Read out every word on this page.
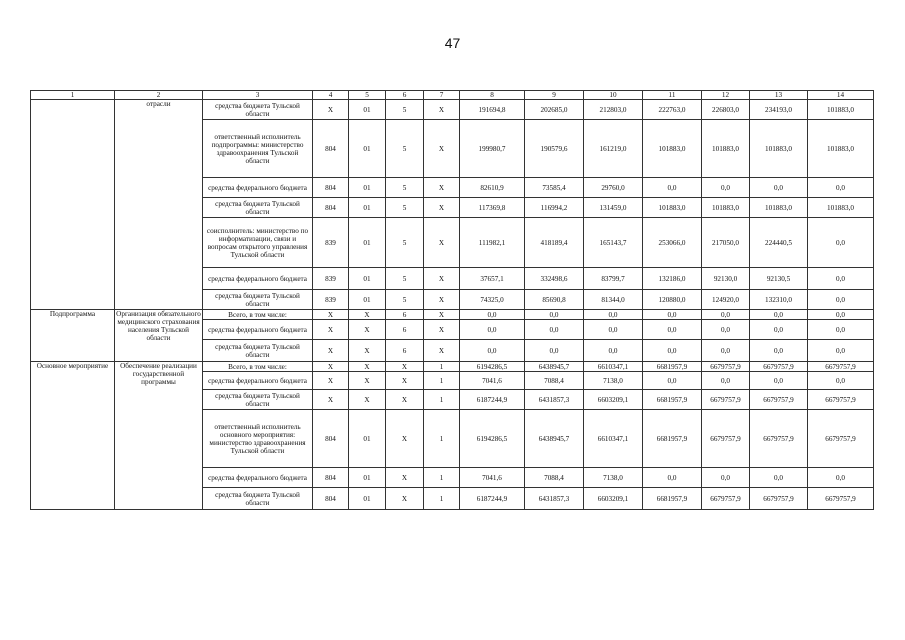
47
1	2	3	4	5	6	7	8	9	10	11	12	13	14
	отрасли	средства бюджета Тульской области	X	01	5	X	191694,8	202685,0	212803,0	222763,0	226803,0	234193,0	101883,0
		ответственный исполнитель подпрограммы: министерство здравоохранения Тульской области	804	01	5	X	199980,7	190579,6	161219,0	101883,0	101883,0	101883,0	101883,0
		средства федерального бюджета	804	01	5	X	82610,9	73585,4	29760,0	0,0	0,0	0,0	0,0
		средства бюджета Тульской области	804	01	5	X	117369,8	116994,2	131459,0	101883,0	101883,0	101883,0	101883,0
		соисполнитель: министерство по информатизации, связи и вопросам открытого управления Тульской области	839	01	5	X	111982,1	418189,4	165143,7	253066,0	217050,0	224440,5	0,0
		средства федерального бюджета	839	01	5	X	37657,1	332498,6	83799,7	132186,0	92130,0	92130,5	0,0
		средства бюджета Тульской области	839	01	5	X	74325,0	85690,8	81344,0	120880,0	124920,0	132310,0	0,0
Подпрограмма	Организация обязательного медицинского страхования населения Тульской области	Всего, в том числе:	X	X	6	X	0,0	0,0	0,0	0,0	0,0	0,0	0,0
		средства федерального бюджета	X	X	6	X	0,0	0,0	0,0	0,0	0,0	0,0	0,0
		средства бюджета Тульской области	X	X	6	X	0,0	0,0	0,0	0,0	0,0	0,0	0,0
Основное мероприятие	Обеспечение реализации государственной программы	Всего, в том числе:	X	X	X	1	6194286,5	6438945,7	6610347,1	6681957,9	6679757,9	6679757,9	6679757,9
		средства федерального бюджета	X	X	X	1	7041,6	7088,4	7138,0	0,0	0,0	0,0	0,0
		средства бюджета Тульской области	X	X	X	1	6187244,9	6431857,3	6603209,1	6681957,9	6679757,9	6679757,9	6679757,9
		ответственный исполнитель основного мероприятия: министерство здравоохранения Тульской области	804	01	X	1	6194286,5	6438945,7	6610347,1	6681957,9	6679757,9	6679757,9	6679757,9
		средства федерального бюджета	804	01	X	1	7041,6	7088,4	7138,0	0,0	0,0	0,0	0,0
		средства бюджета Тульской области	804	01	X	1	6187244,9	6431857,3	6603209,1	6681957,9	6679757,9	6679757,9	6679757,9
